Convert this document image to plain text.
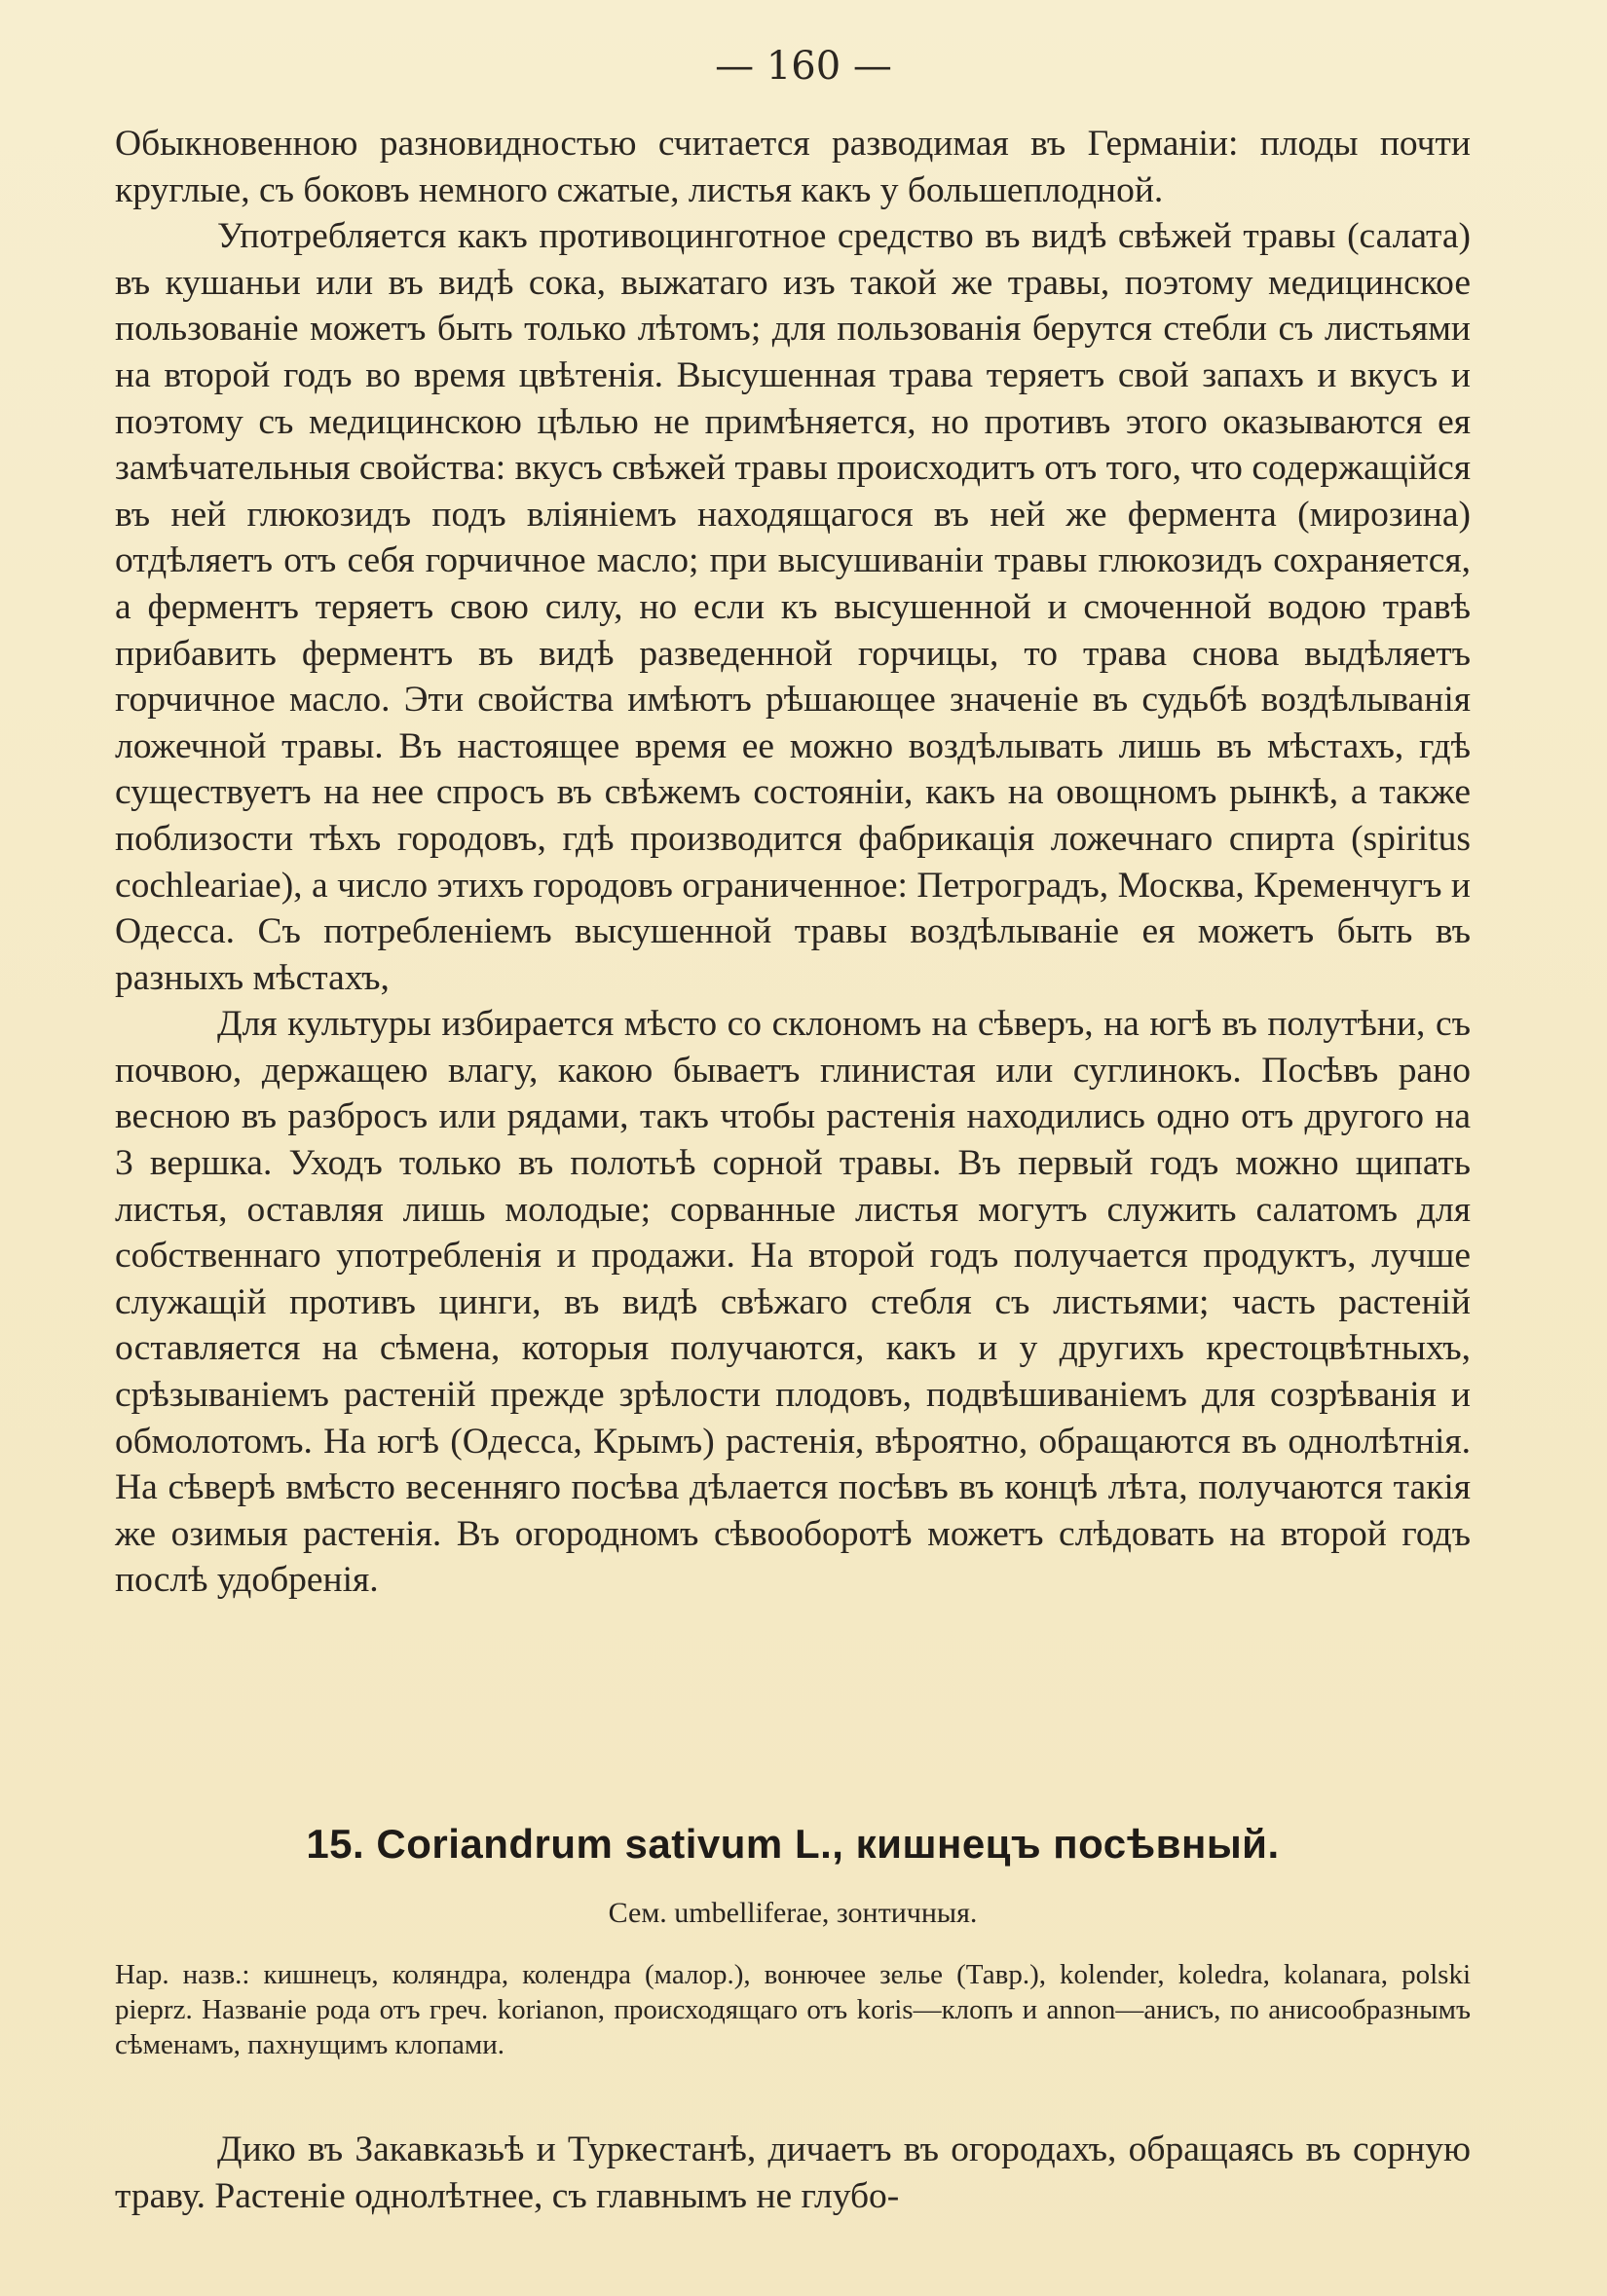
— 160 —

Обыкновенною разновидностью считается разводимая въ Германіи: плоды почти круглые, съ боковъ немного сжатые, листья какъ у большеплодной.

Употребляется какъ противоцинготное средство въ видѣ свѣжей травы (салата) въ кушаньи или въ видѣ сока, выжатаго изъ такой же травы, поэтому медицинское пользованіе можетъ быть только лѣтомъ; для пользованія берутся стебли съ листьями на второй годъ во время цвѣтенія. Высушенная трава теряетъ свой запахъ и вкусъ и поэтому съ медицинскою цѣлью не примѣняется, но противъ этого оказываются ея замѣчательныя свойства: вкусъ свѣжей травы происходитъ отъ того, что содержащійся въ ней глюкозидъ подъ вліяніемъ находящагося въ ней же фермента (мирозина) отдѣляетъ отъ себя горчичное масло; при высушиваніи травы глюкозидъ сохраняется, а ферментъ теряетъ свою силу, но если къ высушенной и смоченной водою травѣ прибавить ферментъ въ видѣ разведенной горчицы, то трава снова выдѣляетъ горчичное масло. Эти свойства имѣютъ рѣшающее значеніе въ судьбѣ воздѣлыванія ложечной травы. Въ настоящее время ее можно воздѣлывать лишь въ мѣстахъ, гдѣ существуетъ на нее спросъ въ свѣжемъ состояніи, какъ на овощномъ рынкѣ, а также поблизости тѣхъ городовъ, гдѣ производится фабрикація ложечнаго спирта (spiritus cochleariae), а число этихъ городовъ ограниченное: Петроградъ, Москва, Кременчугъ и Одесса. Съ потребленіемъ высушенной травы воздѣлываніе ея можетъ быть въ разныхъ мѣстахъ,

Для культуры избирается мѣсто со склономъ на сѣверъ, на югѣ въ полутѣни, съ почвою, держащею влагу, какою бываетъ глинистая или суглинокъ. Посѣвъ рано весною въ разбросъ или рядами, такъ чтобы растенія находились одно отъ другого на 3 вершка. Уходъ только въ полотьѣ сорной травы. Въ первый годъ можно щипать листья, оставляя лишь молодые; сорванные листья могутъ служить салатомъ для собственнаго употребленія и продажи. На второй годъ получается продуктъ, лучше служащій противъ цинги, въ видѣ свѣжаго стебля съ листьями; часть растеній оставляется на сѣмена, которыя получаются, какъ и у другихъ крестоцвѣтныхъ, срѣзываніемъ растеній прежде зрѣлости плодовъ, подвѣшиваніемъ для созрѣванія и обмолотомъ. На югѣ (Одесса, Крымъ) растенія, вѣроятно, обращаются въ однолѣтнія. На сѣверѣ вмѣсто весенняго посѣва дѣлается посѣвъ въ концѣ лѣта, получаются такія же озимыя растенія. Въ огородномъ сѣвооборотѣ можетъ слѣдовать на второй годъ послѣ удобренія.

15. Coriandrum sativum L., кишнецъ посѣвный.
Сем. umbelliferae, зонтичныя.

Нар. назв.: кишнецъ, коляндра, колендра (малор.), вонючее зелье (Тавр.), kolender, koledra, kolanara, polski pieprz. Названіе рода отъ греч. koriаnon, происходящаго отъ koris—клопъ и аnnon—анисъ, по анисообразнымъ сѣменамъ, пахнущимъ клопами.

Дико въ Закавказьѣ и Туркестанѣ, дичаетъ въ огородахъ, обращаясь въ сорную траву. Растеніе однолѣтнее, съ главнымъ не глубо-
